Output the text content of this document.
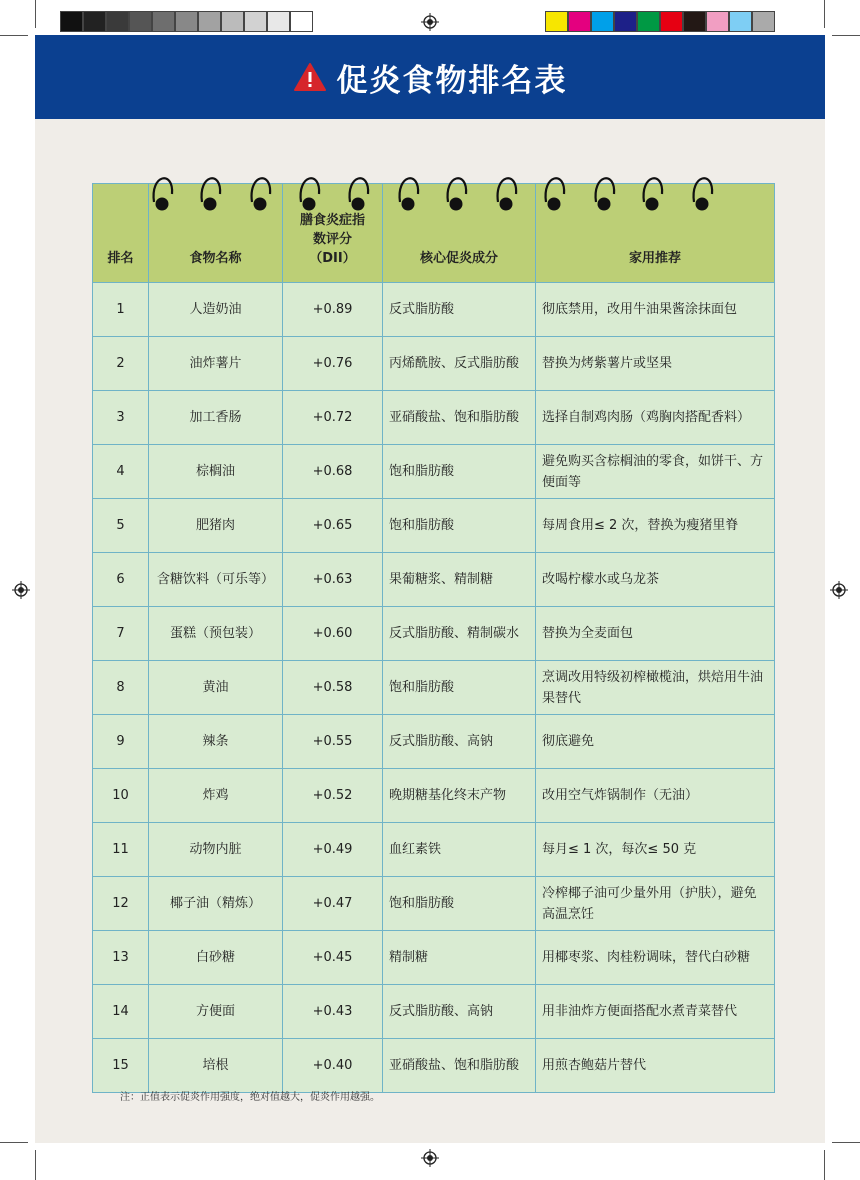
促炎食物排名表
排名	食物名称	膳食炎症指数评分（DII）	核心促炎成分	家用推荐
1	人造奶油	+0.89	反式脂肪酸	彻底禁用，改用牛油果酱涂抹面包
2	油炸薯片	+0.76	丙烯酰胺、反式脂肪酸	替换为烤紫薯片或坚果
3	加工香肠	+0.72	亚硝酸盐、饱和脂肪酸	选择自制鸡肉肠（鸡胸肉搭配香料）
4	棕榈油	+0.68	饱和脂肪酸	避免购买含棕榈油的零食，如饼干、方便面等
5	肥猪肉	+0.65	饱和脂肪酸	每周食用≤ 2 次，替换为瘦猪里脊
6	含糖饮料（可乐等）	+0.63	果葡糖浆、精制糖	改喝柠檬水或乌龙茶
7	蛋糕（预包装）	+0.60	反式脂肪酸、精制碳水	替换为全麦面包
8	黄油	+0.58	饱和脂肪酸	烹调改用特级初榨橄榄油，烘焙用牛油果替代
9	辣条	+0.55	反式脂肪酸、高钠	彻底避免
10	炸鸡	+0.52	晚期糖基化终末产物	改用空气炸锅制作（无油）
11	动物内脏	+0.49	血红素铁	每月≤ 1 次，每次≤ 50 克
12	椰子油（精炼）	+0.47	饱和脂肪酸	冷榨椰子油可少量外用（护肤），避免高温烹饪
13	白砂糖	+0.45	精制糖	用椰枣浆、肉桂粉调味，替代白砂糖
14	方便面	+0.43	反式脂肪酸、高钠	用非油炸方便面搭配水煮青菜替代
15	培根	+0.40	亚硝酸盐、饱和脂肪酸	用煎杏鲍菇片替代
注：正值表示促炎作用强度，绝对值越大，促炎作用越强。
